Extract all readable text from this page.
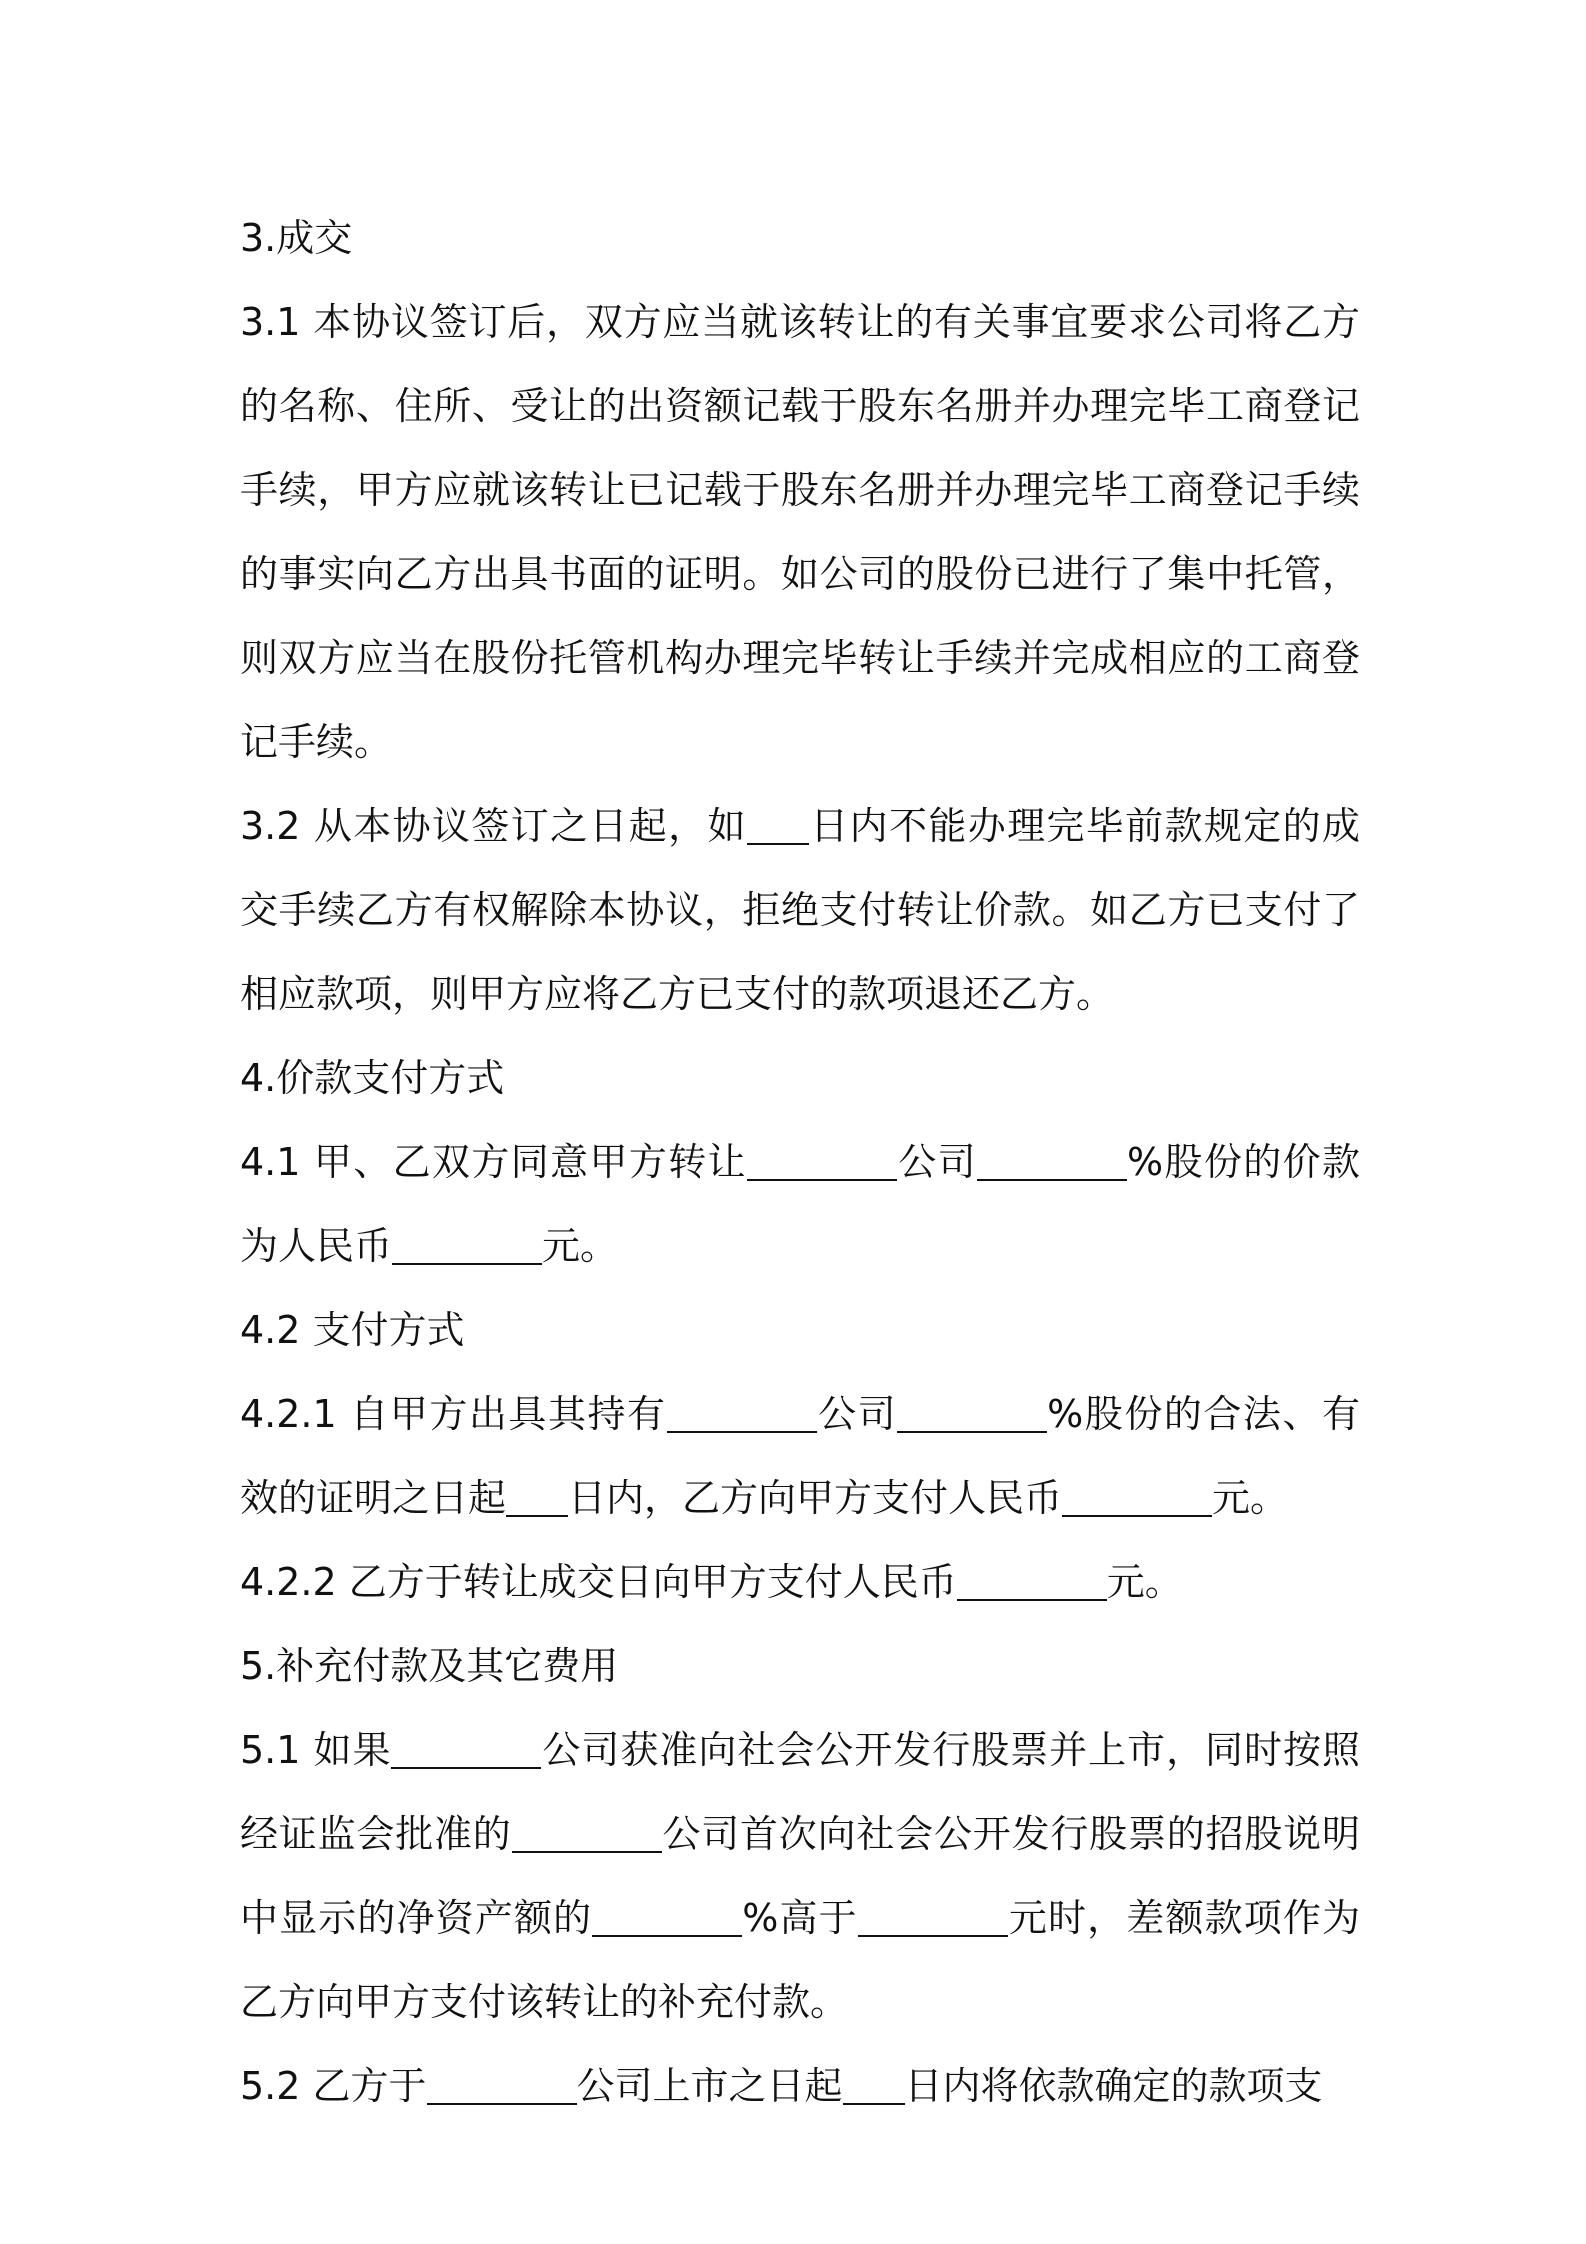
3.成交

3.1 本协议签订后，双方应当就该转让的有关事宜要求公司将乙方的名称、住所、受让的出资额记载于股东名册并办理完毕工商登记手续，甲方应就该转让已记载于股东名册并办理完毕工商登记手续的事实向乙方出具书面的证明。如公司的股份已进行了集中托管，则双方应当在股份托管机构办理完毕转让手续并完成相应的工商登记手续。

3.2 从本协议签订之日起，如 日内不能办理完毕前款规定的成交手续乙方有权解除本协议，拒绝支付转让价款。如乙方已支付了相应款项，则甲方应将乙方已支付的款项退还乙方。

4.价款支付方式

4.1 甲、乙双方同意甲方转让	公司	%股份的价款为人民币	元。

4.2 支付方式

4.2.1 自甲方出具其持有	公司	%股份的合法、有效的证明之日起 日内，乙方向甲方支付人民币	元。

4.2.2 乙方于转让成交日向甲方支付人民币	元。

5.补充付款及其它费用

5.1 如果	公司获准向社会公开发行股票并上市，同时按照经证监会批准的	公司首次向社会公开发行股票的招股说明中显示的净资产额的	%高于	元时，差额款项作为乙方向甲方支付该转让的补充付款。

5.2 乙方于	公司上市之日起 日内将依款确定的款项支
